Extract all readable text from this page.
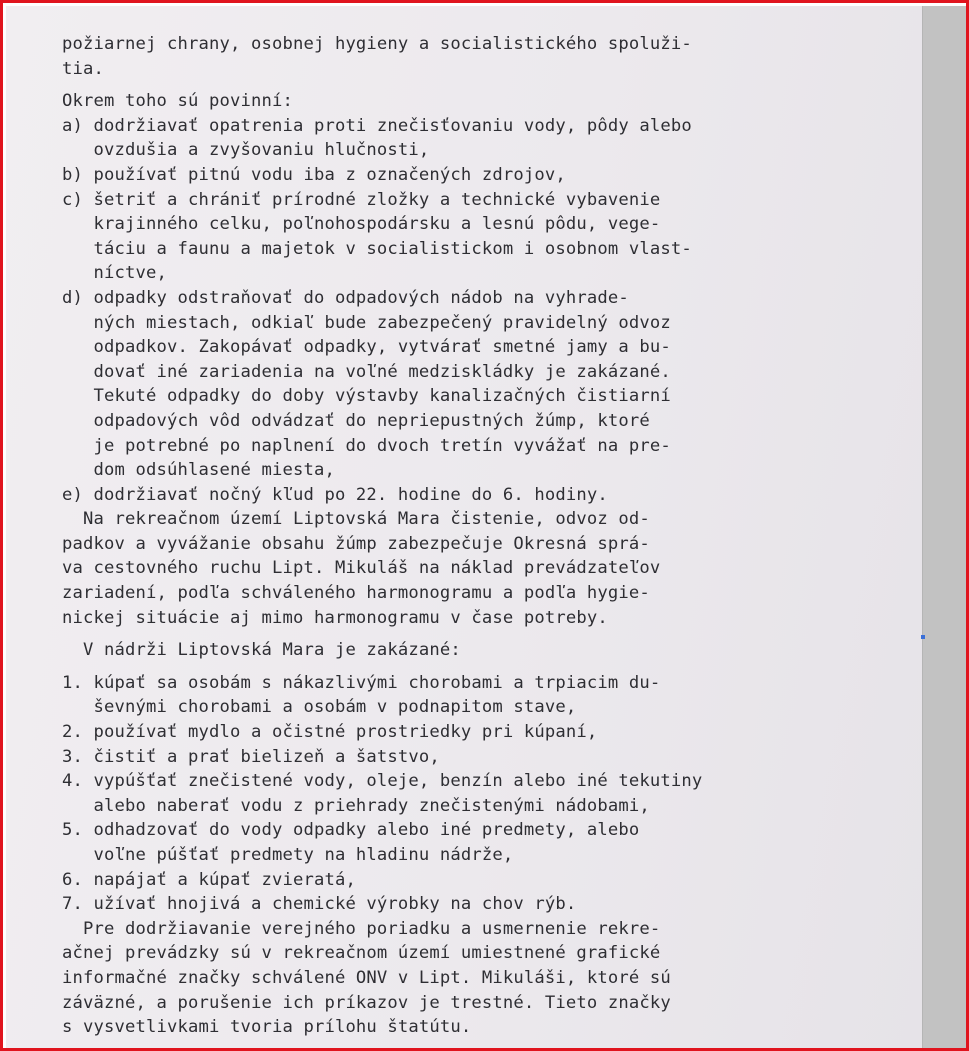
požiarnej chrany, osobnej hygieny a socialistického spoluži-
tia.
Okrem toho sú povinní:
a) dodržiavať opatrenia proti znečisťovaniu vody, pôdy alebo
ovzdušia a zvyšovaniu hlučnosti,
b) používať pitnú vodu iba z označených zdrojov,
c) šetriť a chrániť prírodné zložky a technické vybavenie
krajinného celku, poľnohospodársku a lesnú pôdu, vege-
táciu a faunu a majetok v socialistickom i osobnom vlast-
níctve,
d) odpadky odstraňovať do odpadových nádob na vyhrade-
ných miestach, odkiaľ bude zabezpečený pravidelný odvoz
odpadkov. Zakopávať odpadky, vytvárať smetné jamy a bu-
dovať iné zariadenia na voľné medziskládky je zakázané.
Tekuté odpadky do doby výstavby kanalizačných čistiarní
odpadových vôd odvádzať do nepriepustných žúmp, ktoré
je potrebné po naplnení do dvoch tretín vyvážať na pre-
dom odsúhlasené miesta,
e) dodržiavať nočný kľud po 22. hodine do 6. hodiny.
Na rekreačnom území Liptovská Mara čistenie, odvoz od-
padkov a vyvážanie obsahu žúmp zabezpečuje Okresná sprá-
va cestovného ruchu Lipt. Mikuláš na náklad prevádzateľov
zariadení, podľa schváleného harmonogramu a podľa hygie-
nickej situácie aj mimo harmonogramu v čase potreby.
V nádrži Liptovská Mara je zakázané:
1. kúpať sa osobám s nákazlivými chorobami a trpiacim du-
ševnými chorobami a osobám v podnapitom stave,
2. používať mydlo a očistné prostriedky pri kúpaní,
3. čistiť a prať bielizeň a šatstvo,
4. vypúšťať znečistené vody, oleje, benzín alebo iné tekutiny
alebo naberať vodu z priehrady znečistenými nádobami,
5. odhadzovať do vody odpadky alebo iné predmety, alebo
voľne púšťať predmety na hladinu nádrže,
6. napájať a kúpať zvieratá,
7. užívať hnojivá a chemické výrobky na chov rýb.
Pre dodržiavanie verejného poriadku a usmernenie rekre-
ačnej prevádzky sú v rekreačnom území umiestnené grafické
informačné značky schválené ONV v Lipt. Mikuláši, ktoré sú
záväzné, a porušenie ich príkazov je trestné. Tieto značky
s vysvetlivkami tvoria prílohu štatútu.
